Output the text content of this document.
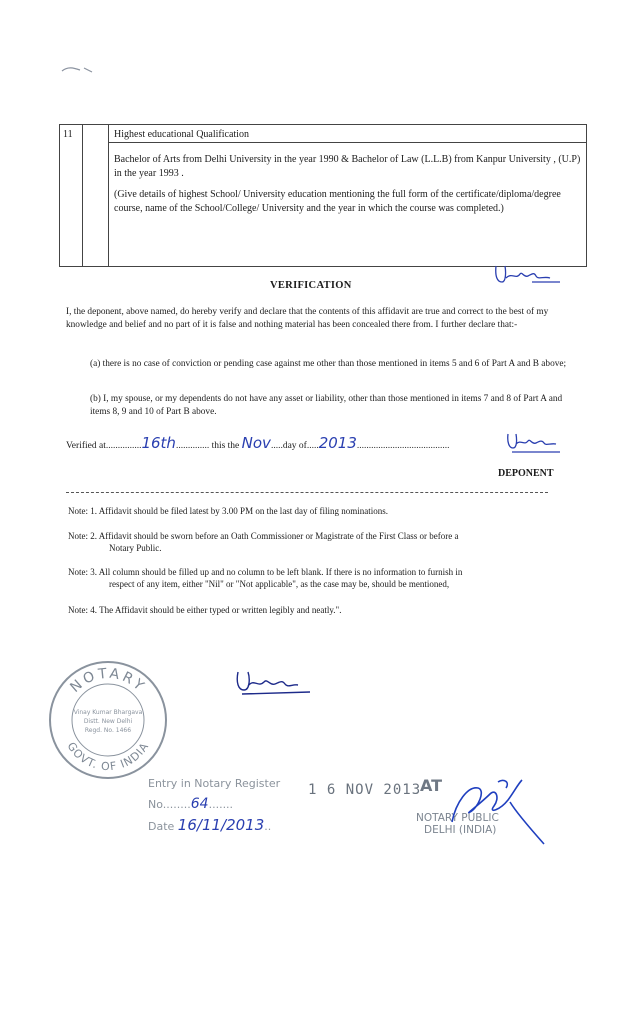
11	Highest educational Qualification

Bachelor of Arts from Delhi University in the year 1990 & Bachelor of Law (L.L.B) from Kanpur University , (U.P) in the year 1993 .

(Give details of highest School/ University education mentioning the full form of the certificate/diploma/degree course, name of the School/College/ University and the year in which the course was completed.)

VERIFICATION
I, the deponent, above named, do hereby verify and declare that the contents of this affidavit are true and correct to the best of my knowledge and belief and no part of it is false and nothing material has been concealed there from. I further declare that:-
(a) there is no case of conviction or pending case against me other than those mentioned in items 5 and 6 of Part A and B above;
(b) I, my spouse, or my dependents do not have any asset or liability, other than those mentioned in items 7 and 8 of Part A and items 8, 9 and 10 of Part B above.
Verified at...............16th.............. this the Nov.....day of.....2013.......................................
DEPONENT
Note: 1. Affidavit should be filed latest by 3.00 PM on the last day of filing nominations.
Note: 2. Affidavit should be sworn before an Oath Commissioner or Magistrate of the First Class or before a
Notary Public.
Note: 3. All column should be filled up and no column to be left blank. If there is no information to furnish in
respect of any item, either "Nil" or "Not applicable", as the case may be, should be mentioned,
Note: 4. The Affidavit should be either typed or written legibly and neatly.".
NOTARY
GOVT. OF INDIA
Vinay Kumar Bhargava
Distt. New Delhi
Regd. No. 1466
Entry in Notary Register
No........64.......
Date 16/11/2013..
1 6 NOV 2013
AT
NOTARY PUBLIC
DELHI (INDIA)
